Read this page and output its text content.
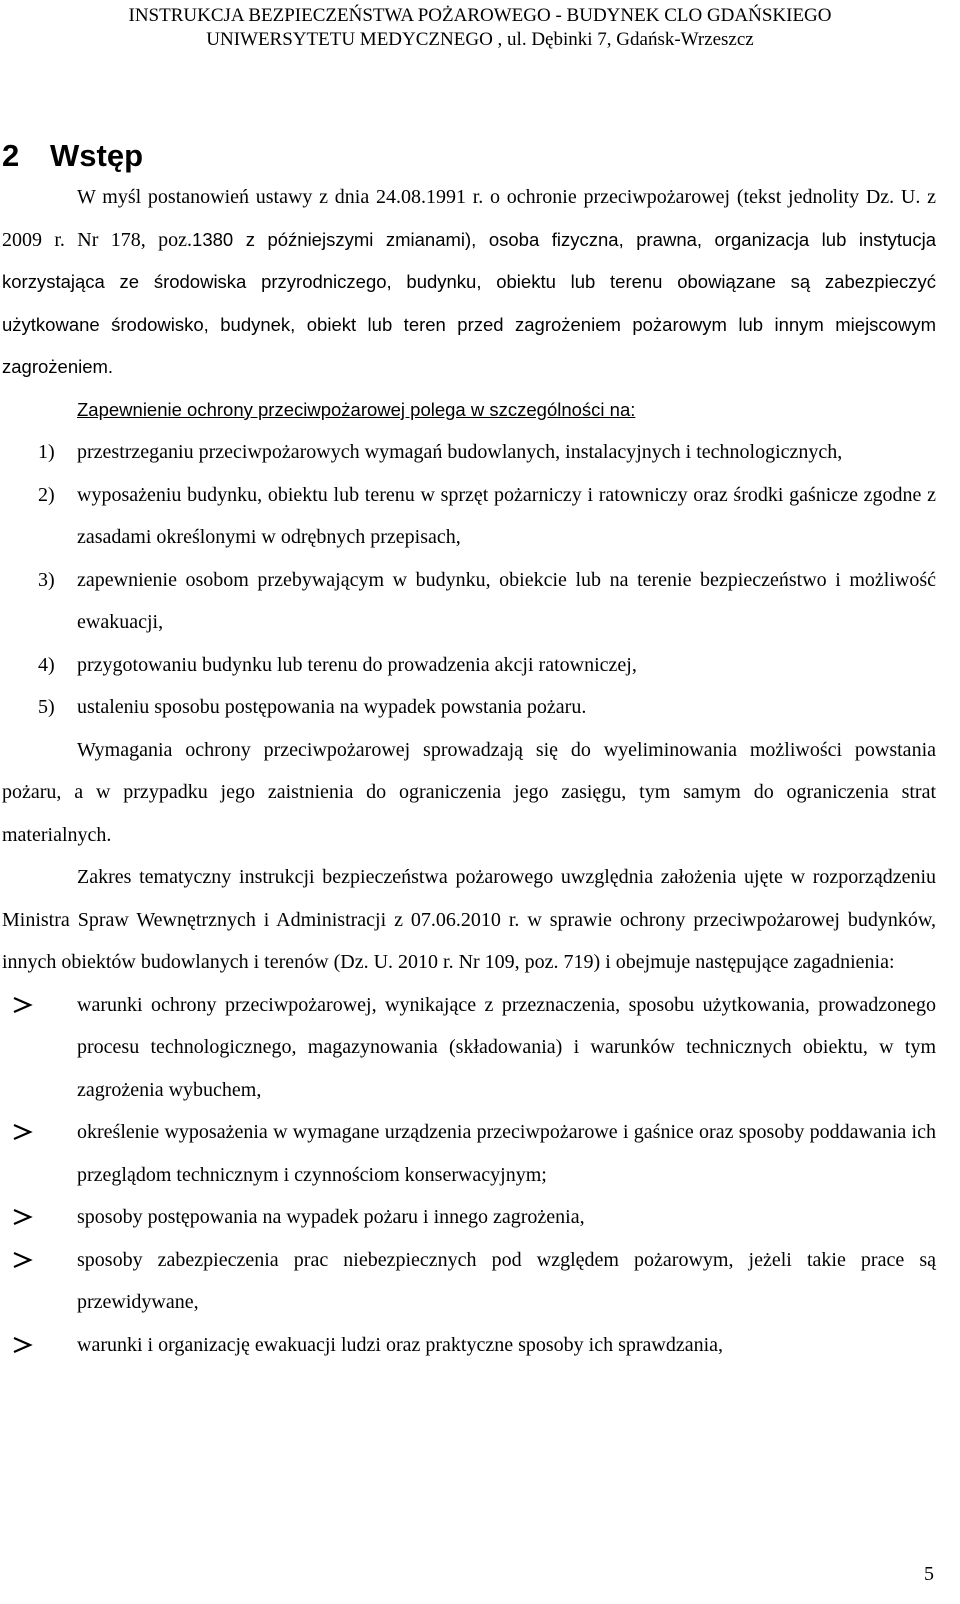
INSTRUKCJA BEZPIECZEŃSTWA POŻAROWEGO - BUDYNEK CLO GDAŃSKIEGO
UNIWERSYTETU MEDYCZNEGO , ul. Dębinki 7, Gdańsk-Wrzeszcz
2 Wstęp

W myśl postanowień ustawy z dnia 24.08.1991 r. o ochronie przeciwpożarowej (tekst jednolity Dz. U. z 2009 r. Nr 178, poz.1380 z późniejszymi zmianami), osoba fizyczna, prawna, organizacja lub instytucja korzystająca ze środowiska przyrodniczego, budynku, obiektu lub terenu obowiązane są zabezpieczyć użytkowane środowisko, budynek, obiekt lub teren przed zagrożeniem pożarowym lub innym miejscowym zagrożeniem.

Zapewnienie ochrony przeciwpożarowej polega w szczególności na:
1) przestrzeganiu przeciwpożarowych wymagań budowlanych, instalacyjnych i technologicznych,
2) wyposażeniu budynku, obiektu lub terenu w sprzęt pożarniczy i ratowniczy oraz środki gaśnicze zgodne z zasadami określonymi w odrębnych przepisach,
3) zapewnienie osobom przebywającym w budynku, obiekcie lub na terenie bezpieczeństwo i możliwość ewakuacji,
4) przygotowaniu budynku lub terenu do prowadzenia akcji ratowniczej,
5) ustaleniu sposobu postępowania na wypadek powstania pożaru.

Wymagania ochrony przeciwpożarowej sprowadzają się do wyeliminowania możliwości powstania pożaru, a w przypadku jego zaistnienia do ograniczenia jego zasięgu, tym samym do ograniczenia strat materialnych.

Zakres tematyczny instrukcji bezpieczeństwa pożarowego uwzględnia założenia ujęte w rozporządzeniu Ministra Spraw Wewnętrznych i Administracji z 07.06.2010 r. w sprawie ochrony przeciwpożarowej budynków, innych obiektów budowlanych i terenów (Dz. U. 2010 r. Nr 109, poz. 719) i obejmuje następujące zagadnienia:

warunki ochrony przeciwpożarowej, wynikające z przeznaczenia, sposobu użytkowania, prowadzonego procesu technologicznego, magazynowania (składowania) i warunków technicznych obiektu, w tym zagrożenia wybuchem,
określenie wyposażenia w wymagane urządzenia przeciwpożarowe i gaśnice oraz sposoby poddawania ich przeglądom technicznym i czynnościom konserwacyjnym;
sposoby postępowania na wypadek pożaru i innego zagrożenia,
sposoby zabezpieczenia prac niebezpiecznych pod względem pożarowym, jeżeli takie prace są przewidywane,
warunki i organizację ewakuacji ludzi oraz praktyczne sposoby ich sprawdzania,
5
